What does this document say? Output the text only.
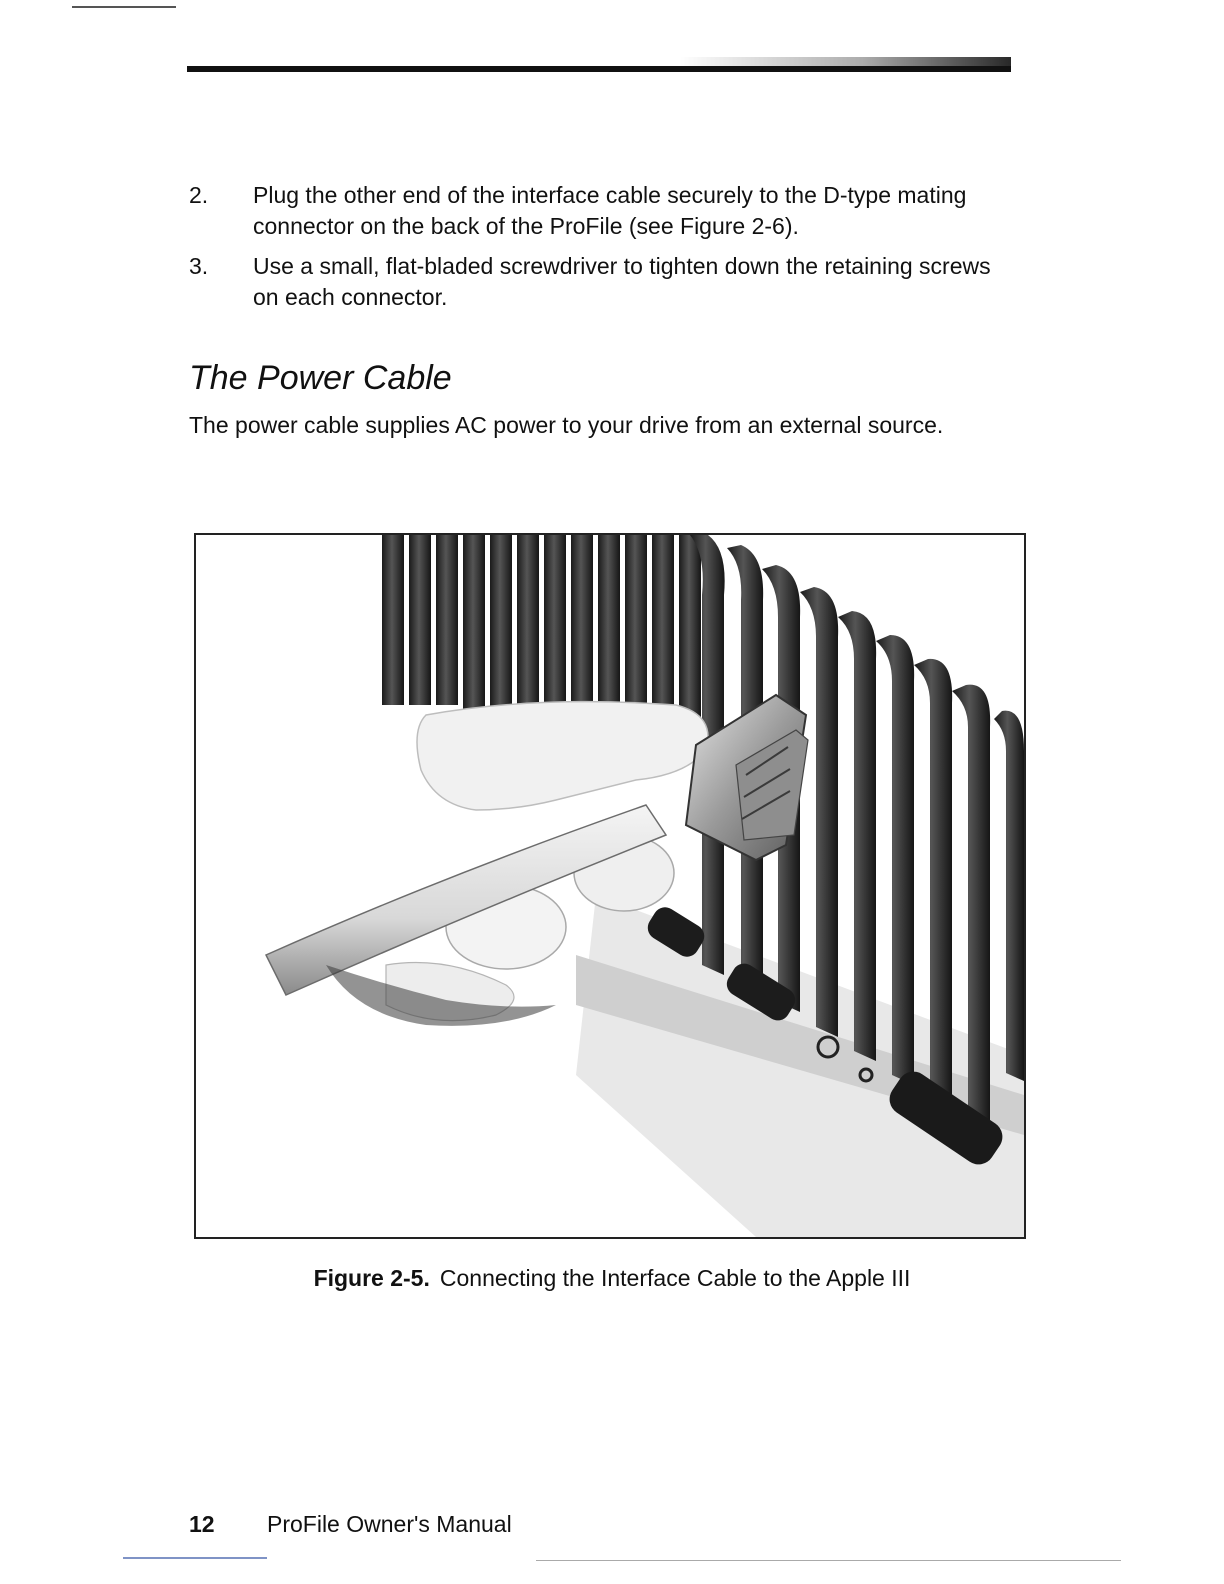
2. Plug the other end of the interface cable securely to the D-type mating connector on the back of the ProFile (see Figure 2-6).
3. Use a small, flat-bladed screwdriver to tighten down the retaining screws on each connector.
The Power Cable

The power cable supplies AC power to your drive from an external source.

Figure 2-5. Connecting the Interface Cable to the Apple III
12 ProFile Owner's Manual
